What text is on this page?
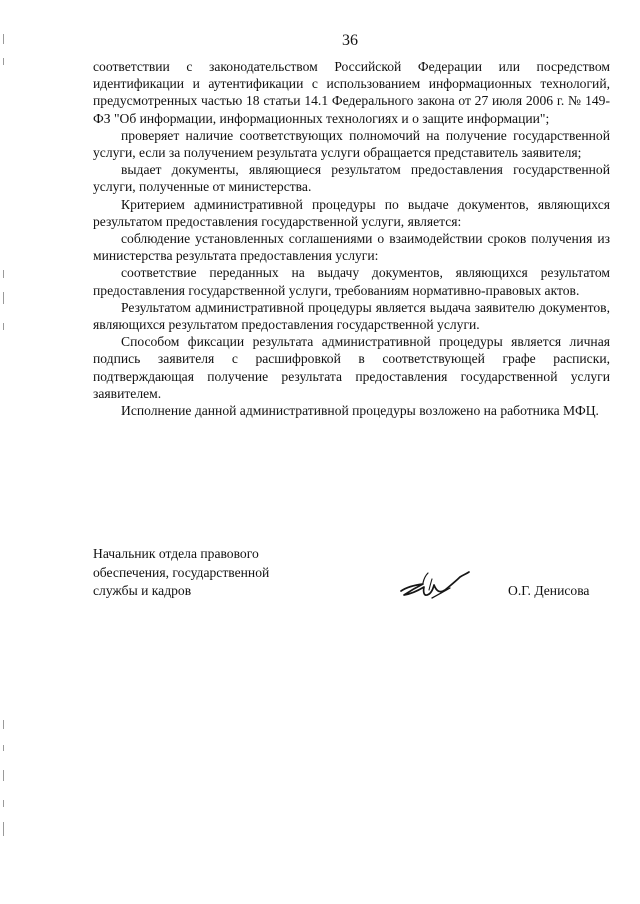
36

соответствии с законодательством Российской Федерации или посредством идентификации и аутентификации с использованием информационных технологий, предусмотренных частью 18 статьи 14.1 Федерального закона от 27 июля 2006 г. № 149-ФЗ "Об информации, информационных технологиях и о защите информации";

проверяет наличие соответствующих полномочий на получение государственной услуги, если за получением результата услуги обращается представитель заявителя;

выдает документы, являющиеся результатом предоставления государственной услуги, полученные от министерства.

Критерием административной процедуры по выдаче документов, являющихся результатом предоставления государственной услуги, является:

соблюдение установленных соглашениями о взаимодействии сроков получения из министерства результата предоставления услуги:

соответствие переданных на выдачу документов, являющихся результатом предоставления государственной услуги, требованиям нормативно-правовых актов.

Результатом административной процедуры является выдача заявителю документов, являющихся результатом предоставления государственной услуги.

Способом фиксации результата административной процедуры является личная подпись заявителя с расшифровкой в соответствующей графе расписки, подтверждающая получение результата предоставления государственной услуги заявителем.

Исполнение данной административной процедуры возложено на работника МФЦ.

Начальник отдела правового
обеспечения, государственной
службы и кадров	О.Г. Денисова
